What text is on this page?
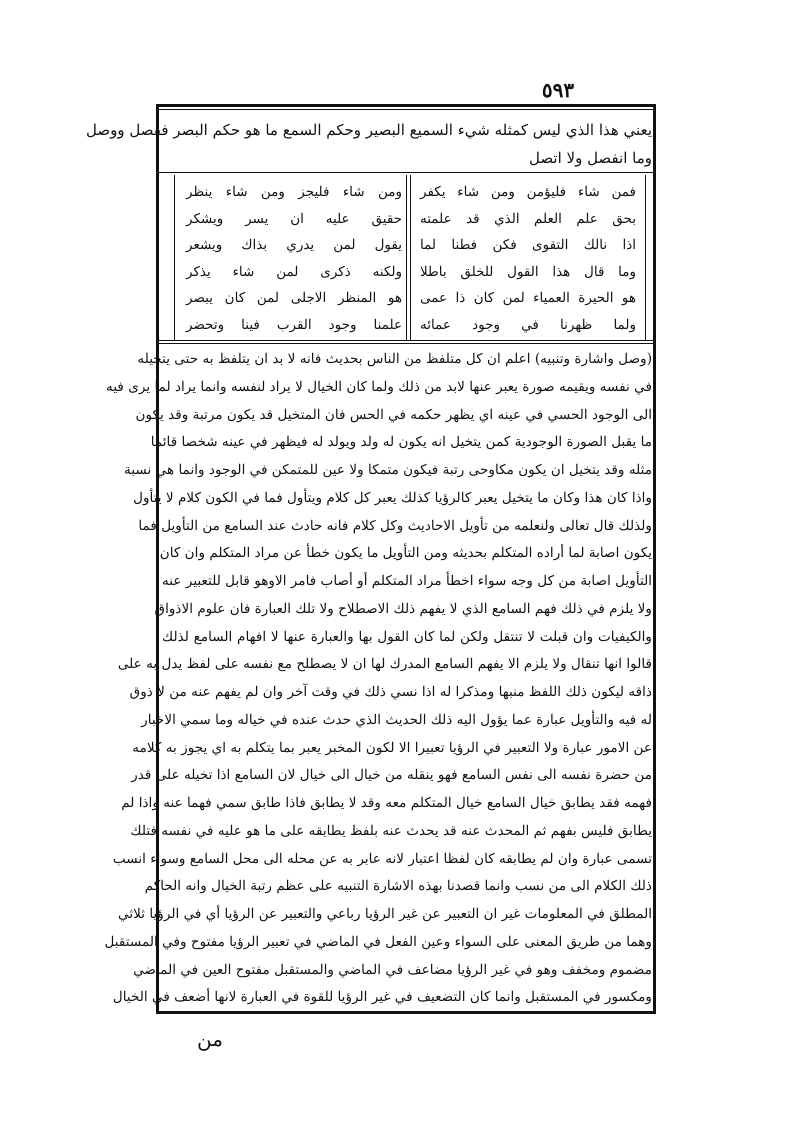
٥٩٣
يعني هذا الذي ليس كمثله شيء السميع البصير وحكم السمع ما هو حكم البصر ففصل ووصل
وما انفصل ولا اتصل
فمن شاء فليؤمن ومن شاء يكفر
بحق علم العلم الذي قد علمته
اذا نالك التقوى فكن فطنا لما
وما قال هذا القول للخلق باطلا
هو الحيرة العمياء لمن كان ذا عمى
ولما ظهرنا في وجود عمائه
ومن شاء فليجز ومن شاء ينظر
حقيق عليه ان يسر ويشكر
يقول لمن يدري بذاك ويشعر
ولكنه ذكرى لمن شاء يذكر
هو المنظر الاجلى لمن كان يبصر
علمنا وجود القرب فينا وتحضر
(وصل واشارة وتنبيه) اعلم ان كل متلفظ من الناس بحديث فانه لا بد ان يتلفظ به حتى يتخيله
في نفسه ويقيمه صورة يعبر عنها لابد من ذلك ولما كان الخيال لا يراد لنفسه وانما يراد لما يرى فيه
الى الوجود الحسي في عينه اي يظهر حكمه في الحس فان المتخيل قد يكون مرتبة وقد يكون
ما يقبل الصورة الوجودية كمن يتخيل انه يكون له ولد ويولد له فيظهر في عينه شخصا قائما
مثله وقد يتخيل ان يكون مكاوحى رتبة فيكون متمكا ولا عين للمتمكن في الوجود وانما هي نسبة
واذا كان هذا وكان ما يتخيل يعبر كالرؤيا كذلك يعبر كل كلام ويتأول فما في الكون كلام لا يتأول
ولذلك قال تعالى ولنعلمه من تأويل الاحاديث وكل كلام فانه حادث عند السامع من التأويل فما
يكون اصابة لما أراده المتكلم بحديثه ومن التأويل ما يكون خطأ عن مراد المتكلم وان كان
التأويل اصابة من كل وجه سواء اخطأ مراد المتكلم أو أصاب فامر الاوهو قابل للتعبير عنه
ولا يلزم في ذلك فهم السامع الذي لا يفهم ذلك الاصطلاح ولا تلك العبارة فان علوم الاذواق
والكيفيات وان قبلت لا تنتقل ولكن لما كان القول بها والعبارة عنها لا افهام السامع لذلك
قالوا انها تنقال ولا يلزم الا يفهم السامع المدرك لها ان لا يصطلح مع نفسه على لفظ يدل به على
ذاقه ليكون ذلك اللفظ منبها ومذكرا له اذا نسي ذلك في وقت آخر وان لم يفهم عنه من لا ذوق
له فيه والتأويل عبارة عما يؤول اليه ذلك الحديث الذي حدث عنده في خياله وما سمي الاخبار
عن الامور عبارة ولا التعبير في الرؤيا تعبيرا الا لكون المخبر يعبر بما يتكلم به اي يجوز به كلامه
من حضرة نفسه الى نفس السامع فهو ينقله من خيال الى خيال لان السامع اذا تخيله على قدر
فهمه فقد يطابق خيال السامع خيال المتكلم معه وقد لا يطابق فاذا طابق سمي فهما عنه واذا لم
يطابق فليس بفهم ثم المحدث عنه قد يحدث عنه بلفظ يطابقه على ما هو عليه في نفسه فتلك
تسمى عبارة وان لم يطابقه كان لفظا اعتبار لانه عابر به عن محله الى محل السامع وسواء انسب
ذلك الكلام الى من نسب وانما قصدنا بهذه الاشارة التنبيه على عظم رتبة الخيال وانه الحاكم
المطلق في المعلومات غير ان التعبير عن غير الرؤيا رباعي والتعبير عن الرؤيا أي في الرؤيا ثلاثي
وهما من طريق المعنى على السواء وعين الفعل في الماضي في تعبير الرؤيا مفتوح وفي المستقبل
مضموم ومخفف وهو في غير الرؤيا مضاعف في الماضي والمستقبل مفتوح العين في الماضي
ومكسور في المستقبل وانما كان التضعيف في غير الرؤيا للقوة في العبارة لانها أضعف في الخيال
من
